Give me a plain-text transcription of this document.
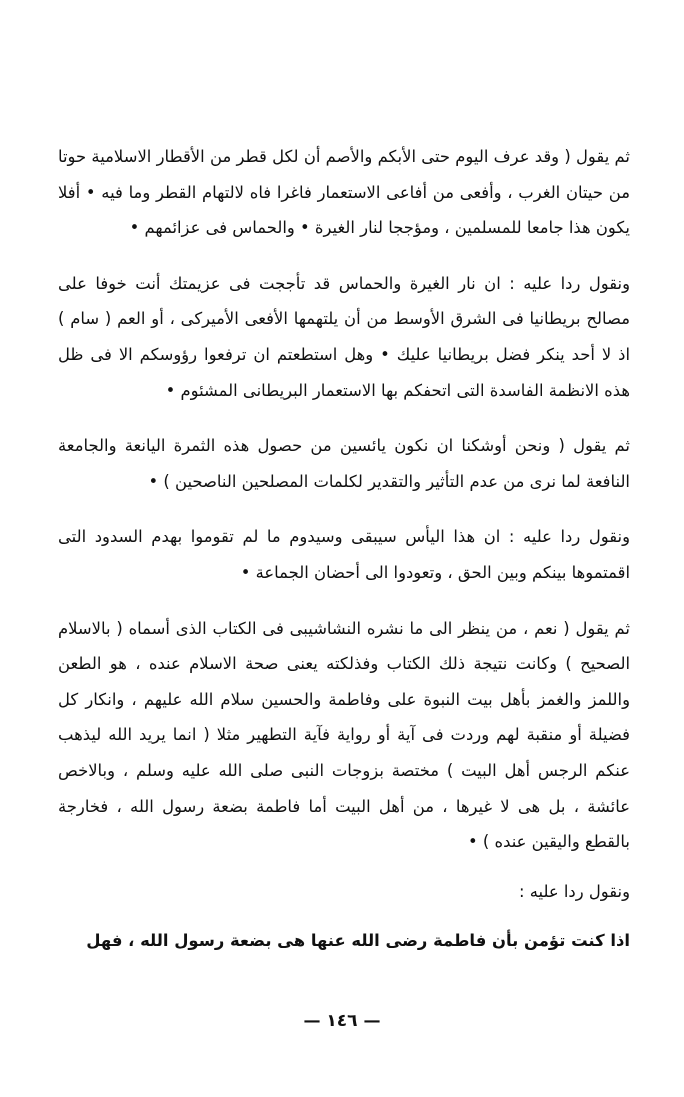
ثم يقول ( وقد عرف اليوم حتى الأبكم والأصم أن لكل قطر من الأقطار الاسلامية حوتا من حيتان الغرب ، وأفعى من أفاعى الاستعمار فاغرا فاه لالتهام القطر وما فيه • أفلا يكون هذا جامعا للمسلمين ، ومؤججا لنار الغيرة • والحماس فى عزائمهم •

ونقول ردا عليه : ان نار الغيرة والحماس قد تأججت فى عزيمتك أنت خوفا على مصالح بريطانيا فى الشرق الأوسط من أن يلتهمها الأفعى الأميركى ، أو العم ( سام ) اذ لا أحد ينكر فضل بريطانيا عليك • وهل استطعتم ان ترفعوا رؤوسكم الا فى ظل هذه الانظمة الفاسدة التى اتحفكم بها الاستعمار البريطانى المشئوم •

ثم يقول ( ونحن أوشكنا ان نكون يائسين من حصول هذه الثمرة اليانعة والجامعة النافعة لما نرى من عدم التأثير والتقدير لكلمات المصلحين الناصحين ) •

ونقول ردا عليه : ان هذا اليأس سيبقى وسيدوم ما لم تقوموا بهدم السدود التى اقمتموها بينكم وبين الحق ، وتعودوا الى أحضان الجماعة •

ثم يقول ( نعم ، من ينظر الى ما نشره النشاشيبى فى الكتاب الذى أسماه ( بالاسلام الصحيح ) وكانت نتيجة ذلك الكتاب وفذلكته يعنى صحة الاسلام عنده ، هو الطعن واللمز والغمز بأهل بيت النبوة على وفاطمة والحسين سلام الله عليهم ، وانكار كل فضيلة أو منقبة لهم وردت فى آية أو رواية فآية التطهير مثلا ( انما يريد الله ليذهب عنكم الرجس أهل البيت ) مختصة بزوجات النبى صلى الله عليه وسلم ، وبالاخص عائشة ، بل هى لا غيرها ، من أهل البيت أما فاطمة بضعة رسول الله ، فخارجة بالقطع واليقين عنده ) •

ونقول ردا عليه :

اذا كنت تؤمن بأن فاطمة رضى الله عنها هى بضعة رسول الله ، فهل

— ١٤٦ —
